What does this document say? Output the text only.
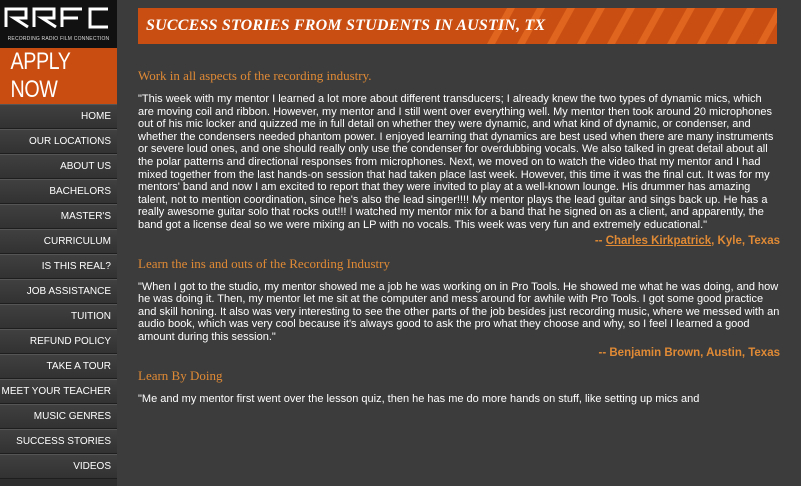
RECORDING RADIO FILM CONNECTION
APPLY NOW
HOME
OUR LOCATIONS
ABOUT US
BACHELORS
MASTER'S
CURRICULUM
IS THIS REAL?
JOB ASSISTANCE
TUITION
REFUND POLICY
TAKE A TOUR
MEET YOUR TEACHER
MUSIC GENRES
SUCCESS STORIES
VIDEOS
SUCCESS STORIES FROM STUDENTS IN AUSTIN, TX
Work in all aspects of the recording industry.

"This week with my mentor I learned a lot more about different transducers; I already knew the two types of dynamic mics, which are moving coil and ribbon. However, my mentor and I still went over everything well. My mentor then took around 20 microphones out of his mic locker and quizzed me in full detail on whether they were dynamic, and what kind of dynamic, or condenser, and whether the condensers needed phantom power. I enjoyed learning that dynamics are best used when there are many instruments or severe loud ones, and one should really only use the condenser for overdubbing vocals. We also talked in great detail about all the polar patterns and directional responses from microphones. Next, we moved on to watch the video that my mentor and I had mixed together from the last hands-on session that had taken place last week. However, this time it was the final cut. It was for my mentors' band and now I am excited to report that they were invited to play at a well-known lounge. His drummer has amazing talent, not to mention coordination, since he's also the lead singer!!!! My mentor plays the lead guitar and sings back up. He has a really awesome guitar solo that rocks out!!! I watched my mentor mix for a band that he signed on as a client, and apparently, the band got a license deal so we were mixing an LP with no vocals. This week was very fun and extremely educational."

-- Charles Kirkpatrick, Kyle, Texas
Learn the ins and outs of the Recording Industry

"When I got to the studio, my mentor showed me a job he was working on in Pro Tools. He showed me what he was doing, and how he was doing it. Then, my mentor let me sit at the computer and mess around for awhile with Pro Tools. I got some good practice and skill honing. It also was very interesting to see the other parts of the job besides just recording music, where we messed with an audio book, which was very cool because it's always good to ask the pro what they choose and why, so I feel I learned a good amount during this session."

-- Benjamin Brown, Austin, Texas
Learn By Doing

"Me and my mentor first went over the lesson quiz, then he has me do more hands on stuff, like setting up mics and
